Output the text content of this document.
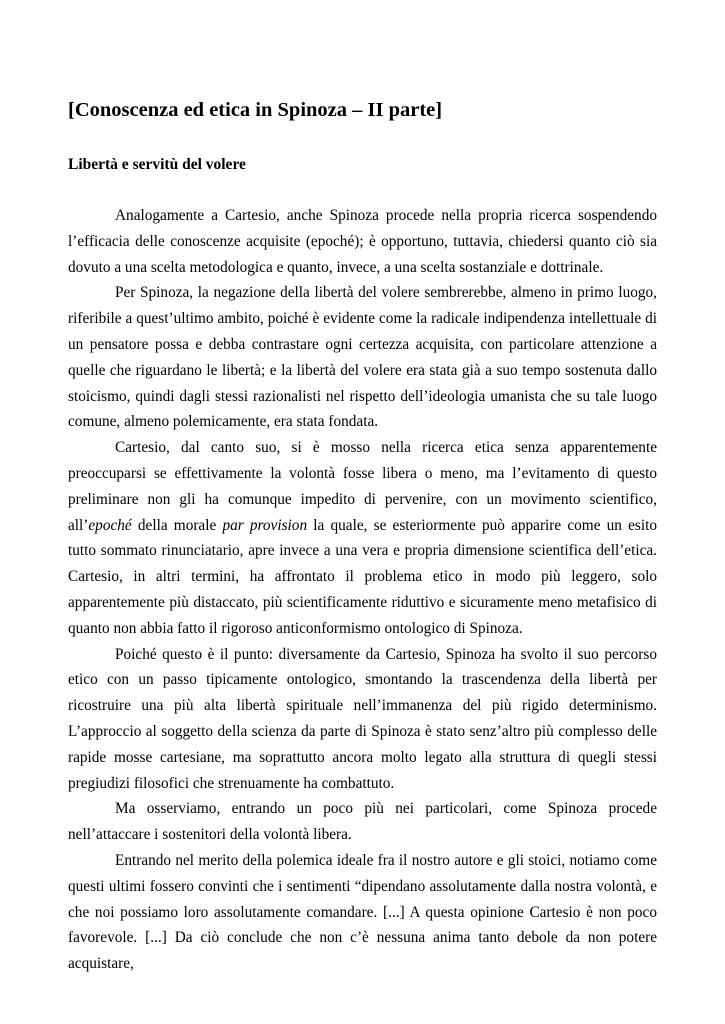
[Conoscenza ed etica in Spinoza – II parte]
Libertà e servitù del volere

Analogamente a Cartesio, anche Spinoza procede nella propria ricerca sospendendo l’efficacia delle conoscenze acquisite (epoché); è opportuno, tuttavia, chiedersi quanto ciò sia dovuto a una scelta metodologica e quanto, invece, a una scelta sostanziale e dottrinale.

Per Spinoza, la negazione della libertà del volere sembrerebbe, almeno in primo luogo, riferibile a quest’ultimo ambito, poiché è evidente come la radicale indipendenza intellettuale di un pensatore possa e debba contrastare ogni certezza acquisita, con particolare attenzione a quelle che riguardano le libertà; e la libertà del volere era stata già a suo tempo sostenuta dallo stoicismo, quindi dagli stessi razionalisti nel rispetto dell’ideologia umanista che su tale luogo comune, almeno polemicamente, era stata fondata.

Cartesio, dal canto suo, si è mosso nella ricerca etica senza apparentemente preoccuparsi se effettivamente la volontà fosse libera o meno, ma l’evitamento di questo preliminare non gli ha comunque impedito di pervenire, con un movimento scientifico, all’epoché della morale par provision la quale, se esteriormente può apparire come un esito tutto sommato rinunciatario, apre invece a una vera e propria dimensione scientifica dell’etica. Cartesio, in altri termini, ha affrontato il problema etico in modo più leggero, solo apparentemente più distaccato, più scientificamente riduttivo e sicuramente meno metafisico di quanto non abbia fatto il rigoroso anticonformismo ontologico di Spinoza.

Poiché questo è il punto: diversamente da Cartesio, Spinoza ha svolto il suo percorso etico con un passo tipicamente ontologico, smontando la trascendenza della libertà per ricostruire una più alta libertà spirituale nell’immanenza del più rigido determinismo. L’approccio al soggetto della scienza da parte di Spinoza è stato senz’altro più complesso delle rapide mosse cartesiane, ma soprattutto ancora molto legato alla struttura di quegli stessi pregiudizi filosofici che strenuamente ha combattuto.

Ma osserviamo, entrando un poco più nei particolari, come Spinoza procede nell’attaccare i sostenitori della volontà libera.

Entrando nel merito della polemica ideale fra il nostro autore e gli stoici, notiamo come questi ultimi fossero convinti che i sentimenti “dipendano assolutamente dalla nostra volontà, e che noi possiamo loro assolutamente comandare. [...] A questa opinione Cartesio è non poco favorevole. [...] Da ciò conclude che non c’è nessuna anima tanto debole da non potere acquistare,
